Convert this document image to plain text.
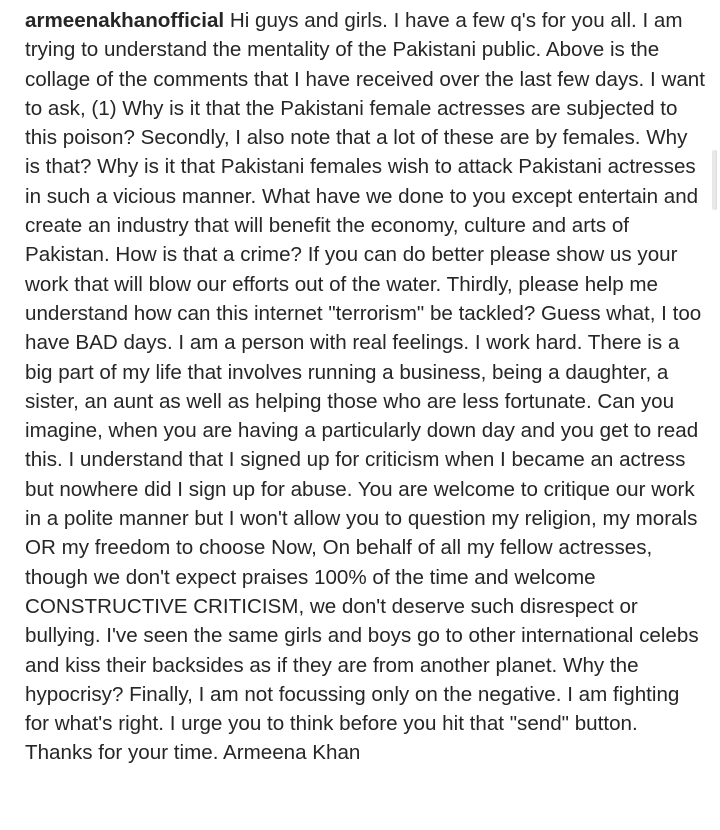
armeenakhanofficial Hi guys and girls. I have a few q's for you all. I am trying to understand the mentality of the Pakistani public. Above is the collage of the comments that I have received over the last few days. I want to ask, (1) Why is it that the Pakistani female actresses are subjected to this poison? Secondly, I also note that a lot of these are by females. Why is that? Why is it that Pakistani females wish to attack Pakistani actresses in such a vicious manner. What have we done to you except entertain and create an industry that will benefit the economy, culture and arts of Pakistan. How is that a crime? If you can do better please show us your work that will blow our efforts out of the water. Thirdly, please help me understand how can this internet "terrorism" be tackled? Guess what, I too have BAD days. I am a person with real feelings. I work hard. There is a big part of my life that involves running a business, being a daughter, a sister, an aunt as well as helping those who are less fortunate. Can you imagine, when you are having a particularly down day and you get to read this. I understand that I signed up for criticism when I became an actress but nowhere did I sign up for abuse. You are welcome to critique our work in a polite manner but I won't allow you to question my religion, my morals OR my freedom to choose Now, On behalf of all my fellow actresses, though we don't expect praises 100% of the time and welcome CONSTRUCTIVE CRITICISM, we don't deserve such disrespect or bullying. I've seen the same girls and boys go to other international celebs and kiss their backsides as if they are from another planet. Why the hypocrisy? Finally, I am not focussing only on the negative. I am fighting for what's right. I urge you to think before you hit that "send" button. Thanks for your time. Armeena Khan
